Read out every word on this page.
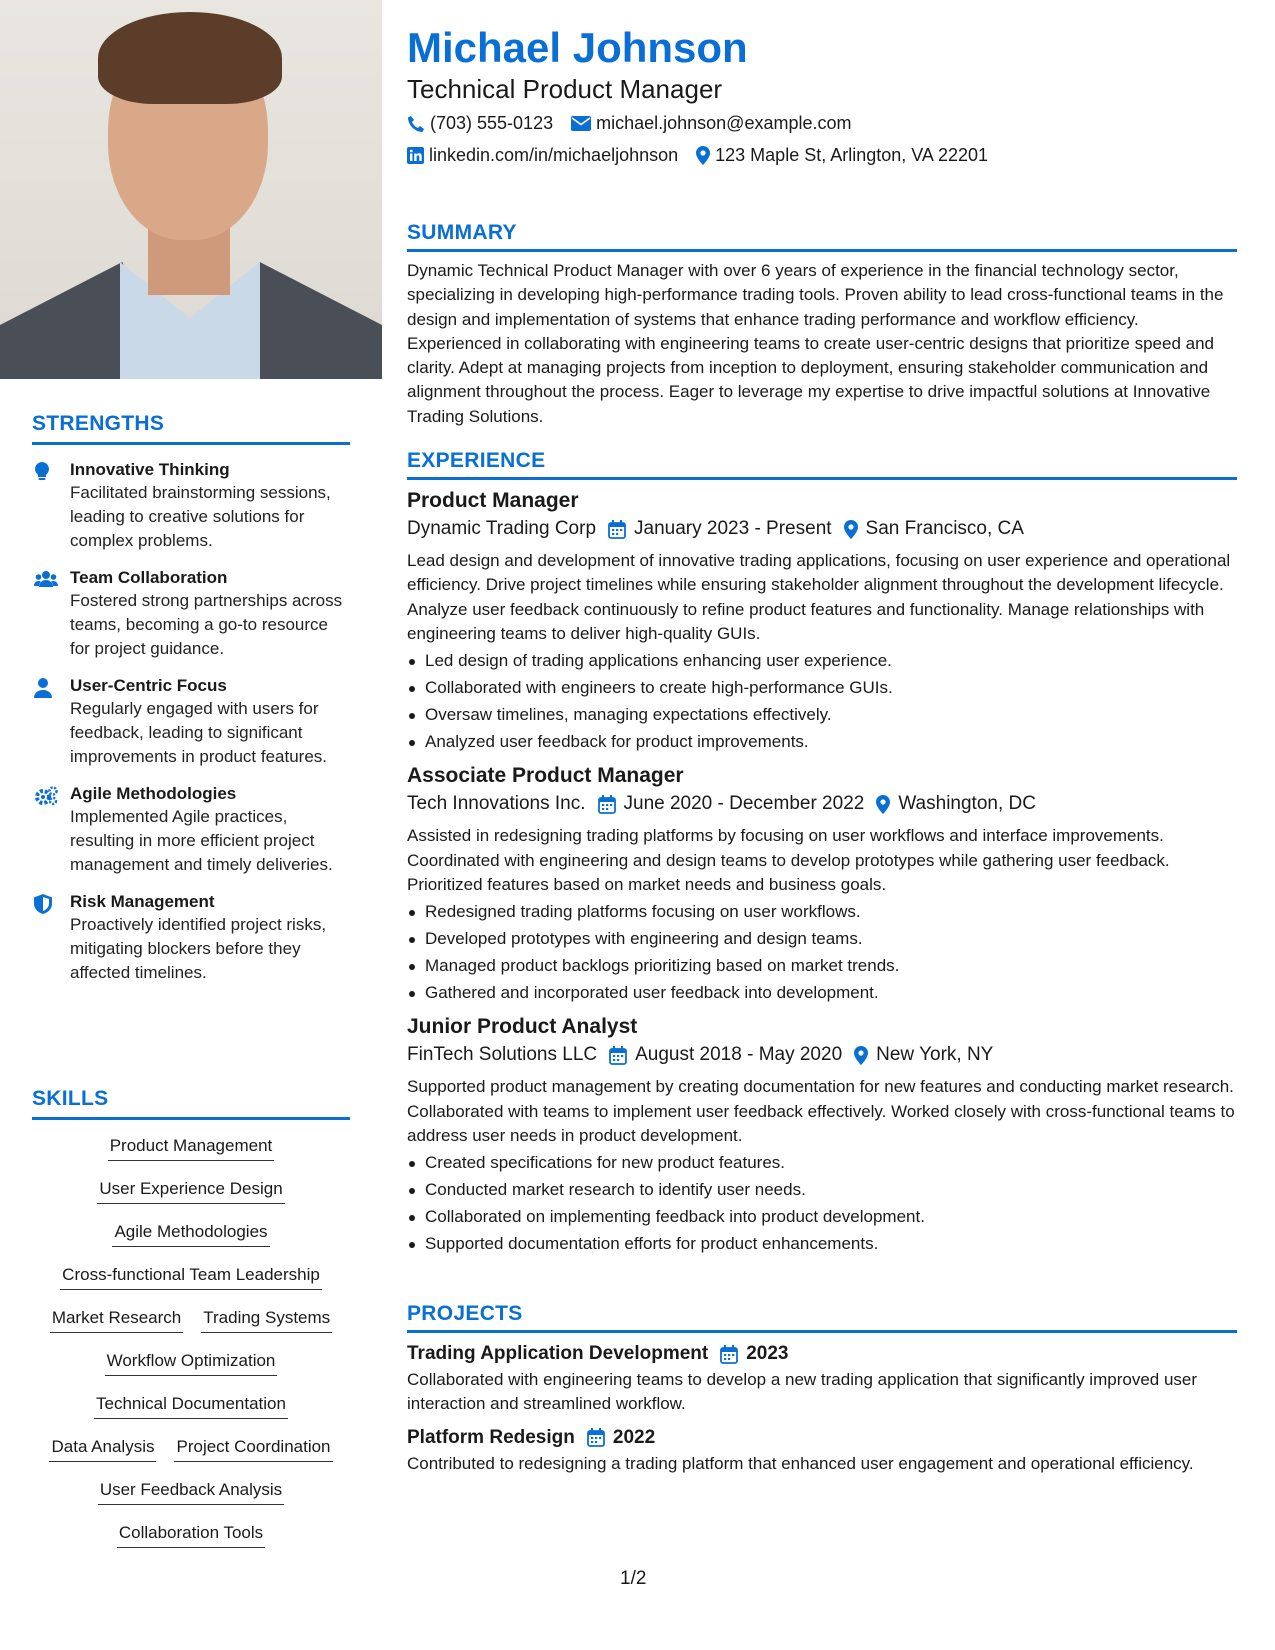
STRENGTHS
Innovative Thinking
Facilitated brainstorming sessions, leading to creative solutions for complex problems.
Team Collaboration
Fostered strong partnerships across teams, becoming a go-to resource for project guidance.
User-Centric Focus
Regularly engaged with users for feedback, leading to significant improvements in product features.
Agile Methodologies
Implemented Agile practices, resulting in more efficient project management and timely deliveries.
Risk Management
Proactively identified project risks, mitigating blockers before they affected timelines.
SKILLS
Product Management
User Experience Design
Agile Methodologies
Cross-functional Team Leadership
Market Research Trading Systems
Workflow Optimization
Technical Documentation
Data Analysis Project Coordination
User Feedback Analysis
Collaboration Tools
Michael Johnson
Technical Product Manager
(703) 555-0123 michael.johnson@example.com
linkedin.com/in/michaeljohnson 123 Maple St, Arlington, VA 22201
SUMMARY
Dynamic Technical Product Manager with over 6 years of experience in the financial technology sector, specializing in developing high-performance trading tools. Proven ability to lead cross-functional teams in the design and implementation of systems that enhance trading performance and workflow efficiency. Experienced in collaborating with engineering teams to create user-centric designs that prioritize speed and clarity. Adept at managing projects from inception to deployment, ensuring stakeholder communication and alignment throughout the process. Eager to leverage my expertise to drive impactful solutions at Innovative Trading Solutions.
EXPERIENCE
Product Manager
Dynamic Trading Corp January 2023 - Present San Francisco, CA
Lead design and development of innovative trading applications, focusing on user experience and operational efficiency. Drive project timelines while ensuring stakeholder alignment throughout the development lifecycle. Analyze user feedback continuously to refine product features and functionality. Manage relationships with engineering teams to deliver high-quality GUIs.
Led design of trading applications enhancing user experience.
Collaborated with engineers to create high-performance GUIs.
Oversaw timelines, managing expectations effectively.
Analyzed user feedback for product improvements.
Associate Product Manager
Tech Innovations Inc. June 2020 - December 2022 Washington, DC
Assisted in redesigning trading platforms by focusing on user workflows and interface improvements. Coordinated with engineering and design teams to develop prototypes while gathering user feedback. Prioritized features based on market needs and business goals.
Redesigned trading platforms focusing on user workflows.
Developed prototypes with engineering and design teams.
Managed product backlogs prioritizing based on market trends.
Gathered and incorporated user feedback into development.
Junior Product Analyst
FinTech Solutions LLC August 2018 - May 2020 New York, NY
Supported product management by creating documentation for new features and conducting market research. Collaborated with teams to implement user feedback effectively. Worked closely with cross-functional teams to address user needs in product development.
Created specifications for new product features.
Conducted market research to identify user needs.
Collaborated on implementing feedback into product development.
Supported documentation efforts for product enhancements.
PROJECTS
Trading Application Development 2023
Collaborated with engineering teams to develop a new trading application that significantly improved user interaction and streamlined workflow.
Platform Redesign 2022
Contributed to redesigning a trading platform that enhanced user engagement and operational efficiency.
1/2
